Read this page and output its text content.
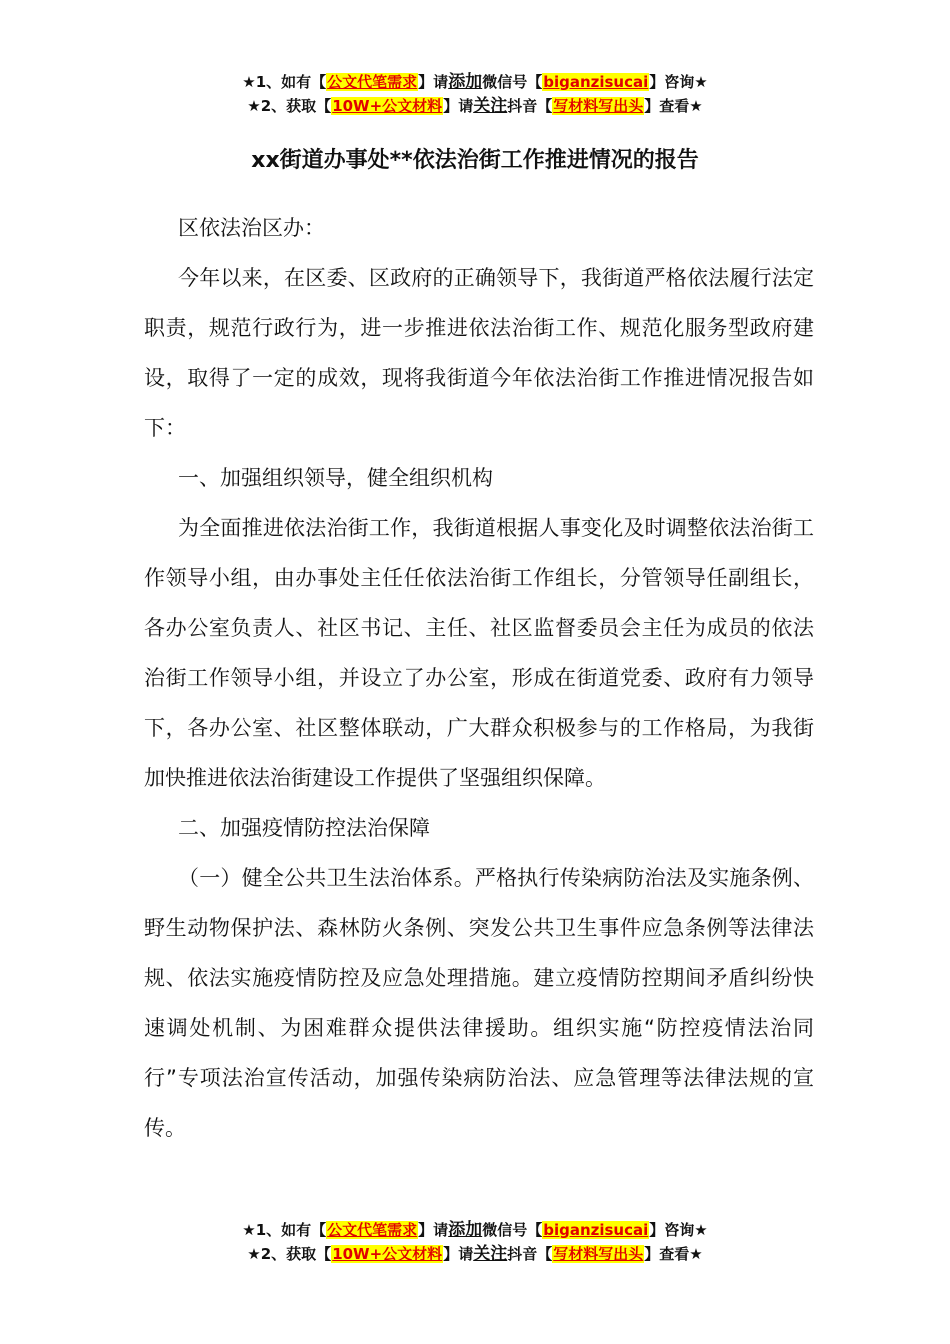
★1、如有【公文代笔需求】请添加微信号【biganzisucai】咨询★
★2、获取【10W+公文材料】请关注抖音【写材料写出头】查看★
xx街道办事处**依法治街工作推进情况的报告

区依法治区办：

今年以来，在区委、区政府的正确领导下，我街道严格依法履行法定职责，规范行政行为，进一步推进依法治街工作、规范化服务型政府建设，取得了一定的成效，现将我街道今年依法治街工作推进情况报告如下：

一、加强组织领导，健全组织机构

为全面推进依法治街工作，我街道根据人事变化及时调整依法治街工作领导小组，由办事处主任任依法治街工作组长，分管领导任副组长，各办公室负责人、社区书记、主任、社区监督委员会主任为成员的依法治街工作领导小组，并设立了办公室，形成在街道党委、政府有力领导下，各办公室、社区整体联动，广大群众积极参与的工作格局，为我街加快推进依法治街建设工作提供了坚强组织保障。

二、加强疫情防控法治保障

（一）健全公共卫生法治体系。严格执行传染病防治法及实施条例、野生动物保护法、森林防火条例、突发公共卫生事件应急条例等法律法规、依法实施疫情防控及应急处理措施。建立疫情防控期间矛盾纠纷快速调处机制、为困难群众提供法律援助。组织实施“防控疫情法治同行”专项法治宣传活动，加强传染病防治法、应急管理等法律法规的宣传。

★1、如有【公文代笔需求】请添加微信号【biganzisucai】咨询★
★2、获取【10W+公文材料】请关注抖音【写材料写出头】查看★
